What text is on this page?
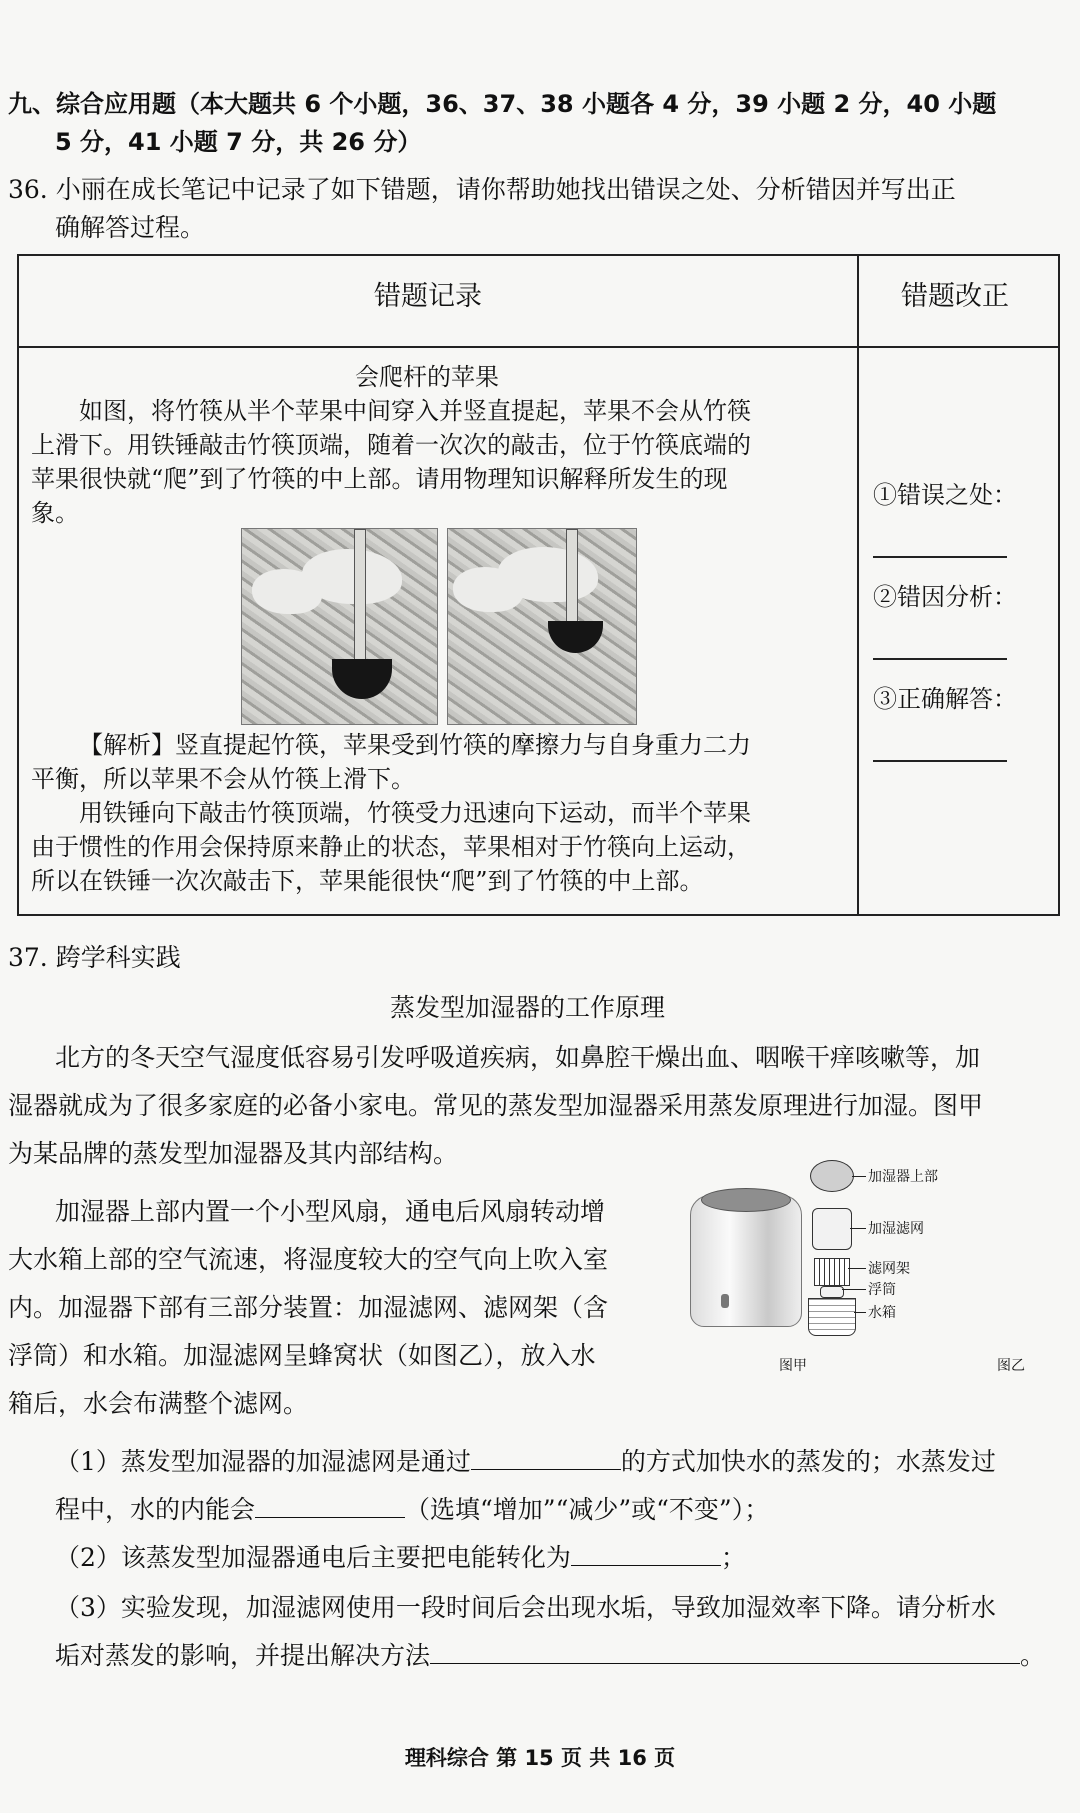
九、综合应用题（本大题共 6 个小题，36、37、38 小题各 4 分，39 小题 2 分，40 小题
5 分，41 小题 7 分，共 26 分）
36. 小丽在成长笔记中记录了如下错题，请你帮助她找出错误之处、分析错因并写出正
确解答过程。
错题记录	错题改正
会爬杆的苹果
如图，将竹筷从半个苹果中间穿入并竖直提起，苹果不会从竹筷
上滑下。用铁锤敲击竹筷顶端，随着一次次的敲击，位于竹筷底端的
苹果很快就“爬”到了竹筷的中上部。请用物理知识解释所发生的现
象。
【解析】竖直提起竹筷，苹果受到竹筷的摩擦力与自身重力二力
平衡，所以苹果不会从竹筷上滑下。
用铁锤向下敲击竹筷顶端，竹筷受力迅速向下运动，而半个苹果
由于惯性的作用会保持原来静止的状态，苹果相对于竹筷向上运动，
所以在铁锤一次次敲击下，苹果能很快“爬”到了竹筷的中上部。
①错误之处：
②错因分析：
③正确解答：
37. 跨学科实践
蒸发型加湿器的工作原理
北方的冬天空气湿度低容易引发呼吸道疾病，如鼻腔干燥出血、咽喉干痒咳嗽等，加
湿器就成为了很多家庭的必备小家电。常见的蒸发型加湿器采用蒸发原理进行加湿。图甲
为某品牌的蒸发型加湿器及其内部结构。
加湿器上部内置一个小型风扇，通电后风扇转动增
大水箱上部的空气流速，将湿度较大的空气向上吹入室
内。加湿器下部有三部分装置：加湿滤网、滤网架（含
浮筒）和水箱。加湿滤网呈蜂窝状（如图乙），放入水
箱后，水会布满整个滤网。
图甲
加湿器上部
加湿滤网
滤网架
浮筒
水箱
图乙
（1）蒸发型加湿器的加湿滤网是通过	的方式加快水的蒸发的；水蒸发过
程中，水的内能会	（选填“增加”“减少”或“不变”）；
（2）该蒸发型加湿器通电后主要把电能转化为	；
（3）实验发现，加湿滤网使用一段时间后会出现水垢，导致加湿效率下降。请分析水
垢对蒸发的影响，并提出解决方法	。
理科综合 第 15 页 共 16 页
